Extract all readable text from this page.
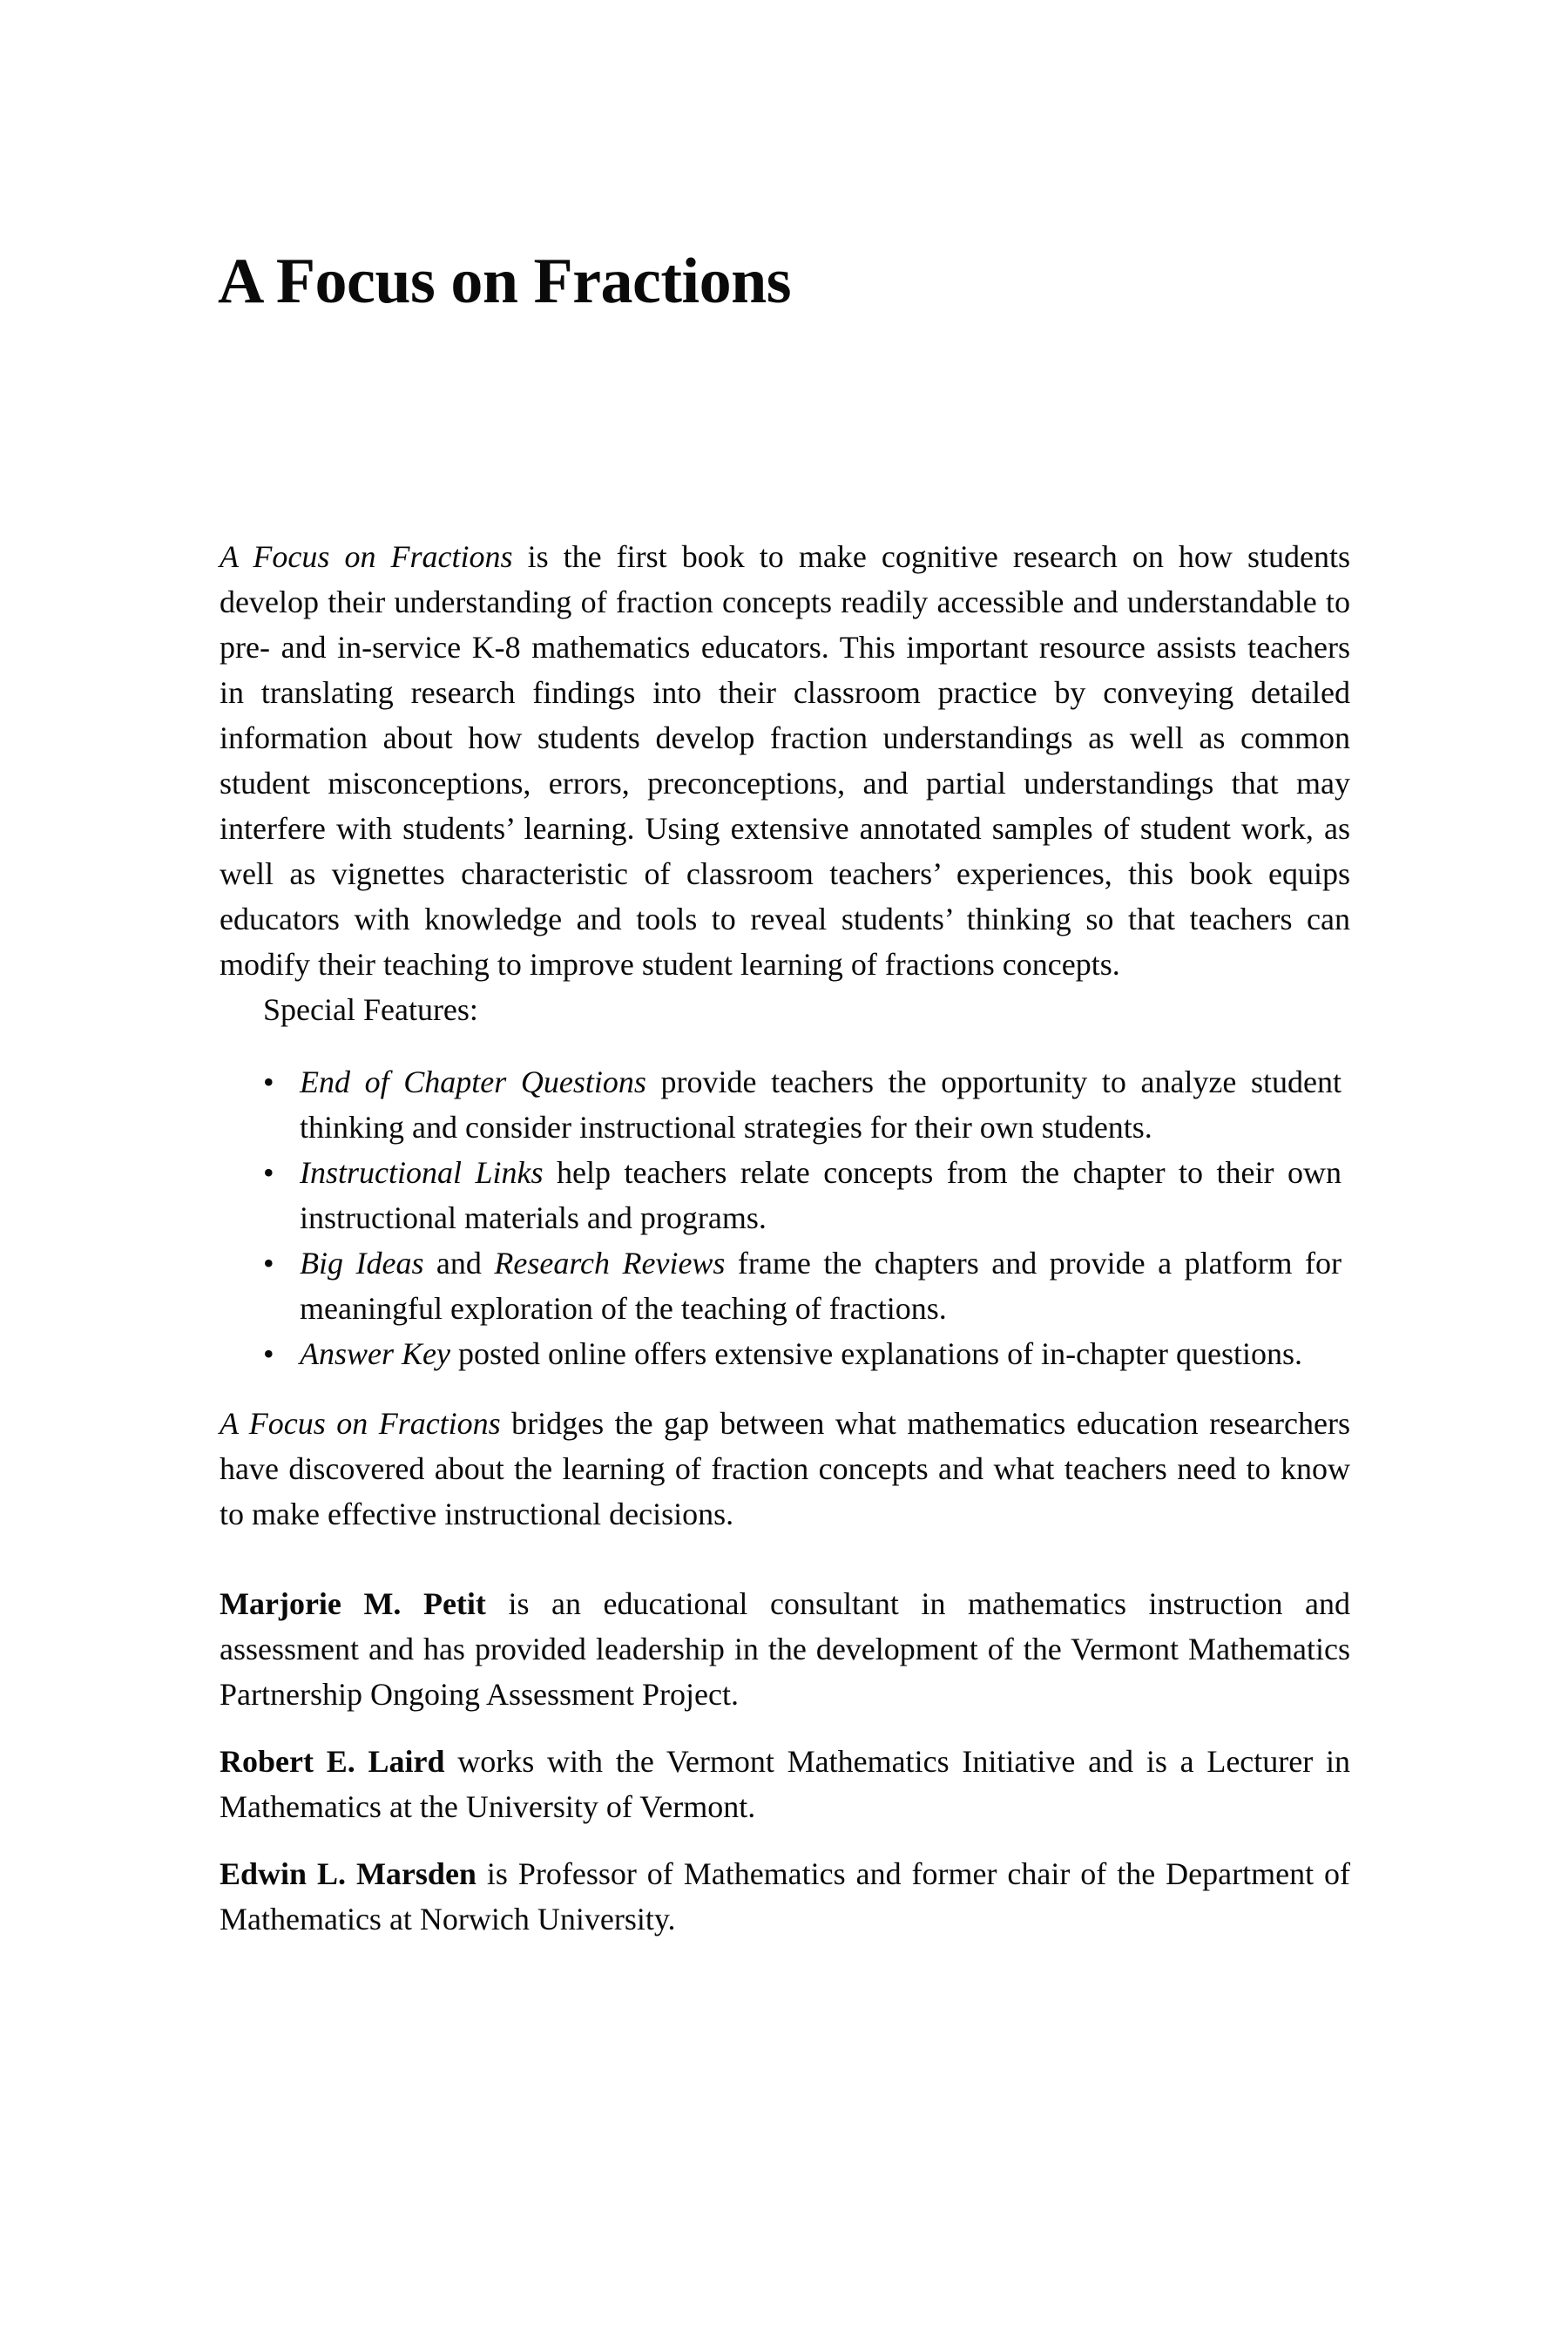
A Focus on Fractions

A Focus on Fractions is the first book to make cognitive research on how students develop their understanding of fraction concepts readily accessible and understandable to pre- and in-service K-8 mathematics educators. This important resource assists teachers in translating research findings into their classroom practice by conveying detailed information about how students develop fraction understandings as well as common student misconceptions, errors, preconceptions, and partial understandings that may interfere with students’ learning. Using extensive annotated samples of student work, as well as vignettes characteristic of classroom teachers’ experiences, this book equips educators with knowledge and tools to reveal students’ thinking so that teachers can modify their teaching to improve student learning of fractions concepts.

Special Features:

• End of Chapter Questions provide teachers the opportunity to analyze student thinking and consider instructional strategies for their own students.
• Instructional Links help teachers relate concepts from the chapter to their own instructional materials and programs.
• Big Ideas and Research Reviews frame the chapters and provide a platform for meaningful exploration of the teaching of fractions.
• Answer Key posted online offers extensive explanations of in-chapter questions.

A Focus on Fractions bridges the gap between what mathematics education researchers have discovered about the learning of fraction concepts and what teachers need to know to make effective instructional decisions.

Marjorie M. Petit is an educational consultant in mathematics instruction and assessment and has provided leadership in the development of the Vermont Mathematics Partnership Ongoing Assessment Project.

Robert E. Laird works with the Vermont Mathematics Initiative and is a Lecturer in Mathematics at the University of Vermont.

Edwin L. Marsden is Professor of Mathematics and former chair of the Department of Mathematics at Norwich University.
